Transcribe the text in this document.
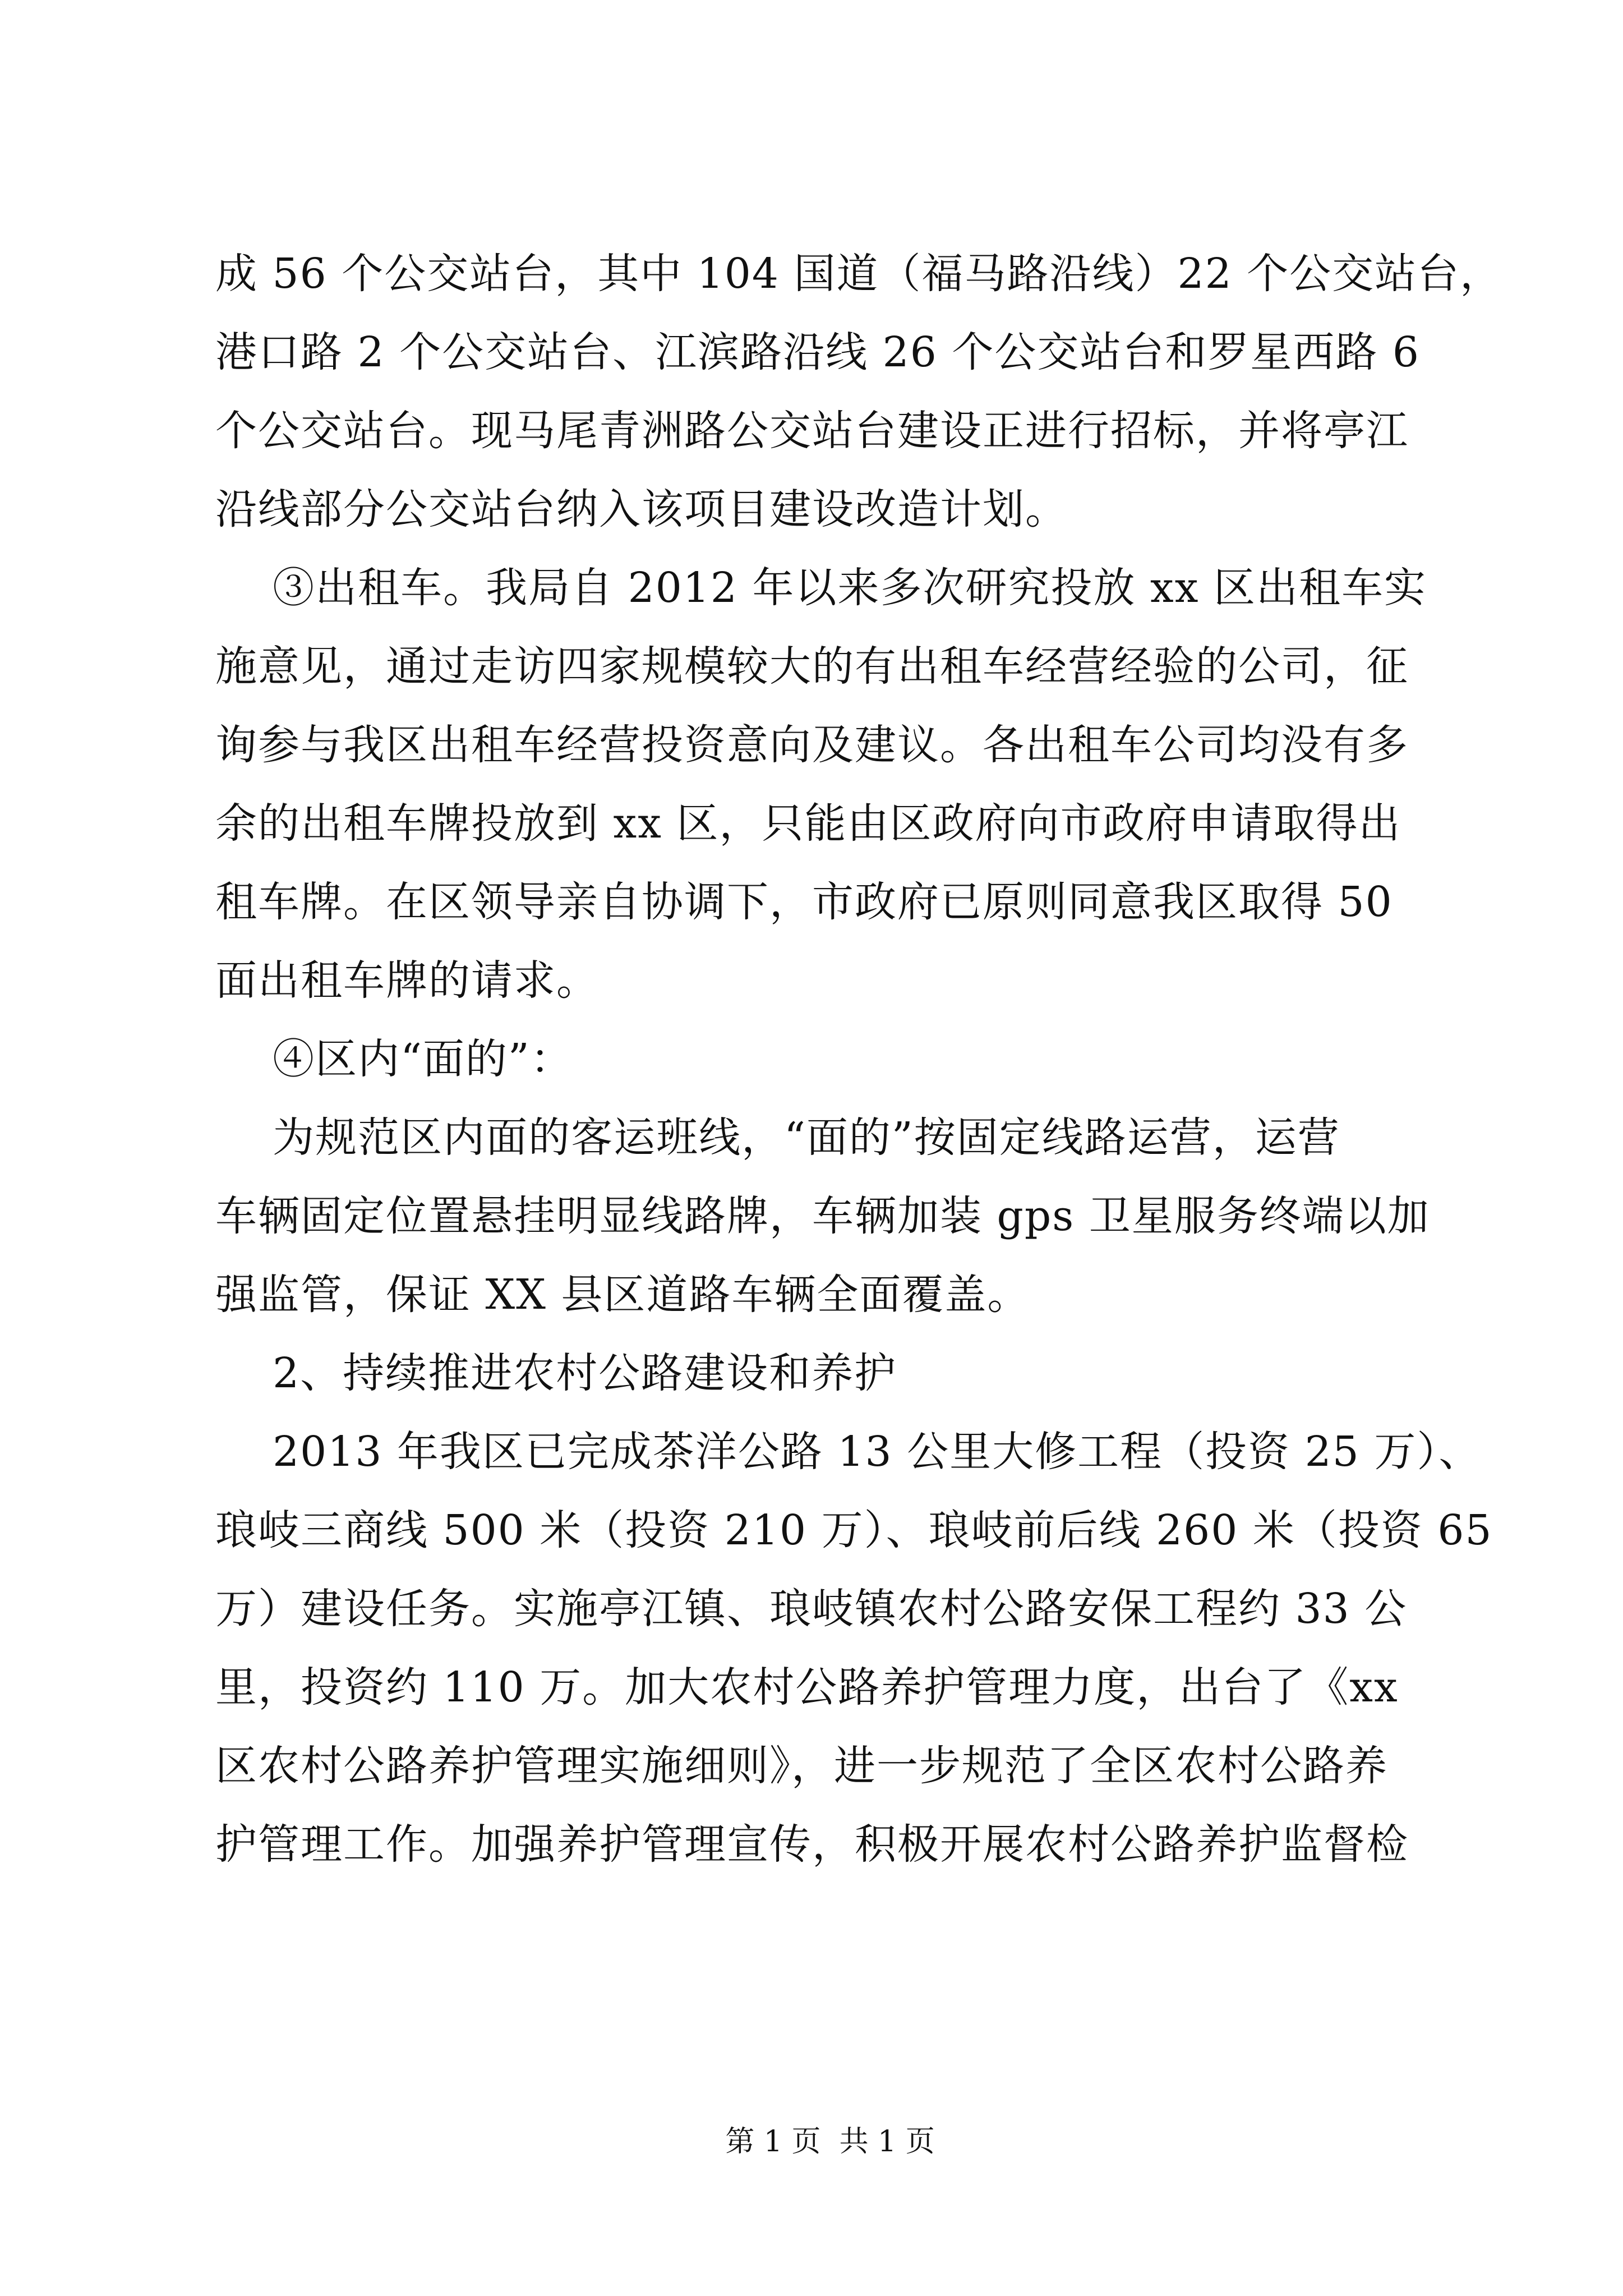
成 56 个公交站台，其中 104 国道（福马路沿线）22 个公交站台，
港口路 2 个公交站台、江滨路沿线 26 个公交站台和罗星西路 6
个公交站台。现马尾青洲路公交站台建设正进行招标，并将亭江
沿线部分公交站台纳入该项目建设改造计划。
③出租车。我局自 2012 年以来多次研究投放 xx 区出租车实
施意见，通过走访四家规模较大的有出租车经营经验的公司，征
询参与我区出租车经营投资意向及建议。各出租车公司均没有多
余的出租车牌投放到 xx 区，只能由区政府向市政府申请取得出
租车牌。在区领导亲自协调下，市政府已原则同意我区取得 50
面出租车牌的请求。
④区内“面的”：
为规范区内面的客运班线，“面的”按固定线路运营，运营
车辆固定位置悬挂明显线路牌，车辆加装 gps 卫星服务终端以加
强监管，保证 XX 县区道路车辆全面覆盖。
2、持续推进农村公路建设和养护
2013 年我区已完成茶洋公路 13 公里大修工程（投资 25 万）、
琅岐三商线 500 米（投资 210 万）、琅岐前后线 260 米（投资 65
万）建设任务。实施亭江镇、琅岐镇农村公路安保工程约 33 公
里，投资约 110 万。加大农村公路养护管理力度，出台了《xx
区农村公路养护管理实施细则》，进一步规范了全区农村公路养
护管理工作。加强养护管理宣传，积极开展农村公路养护监督检

第 1 页  共 1 页
